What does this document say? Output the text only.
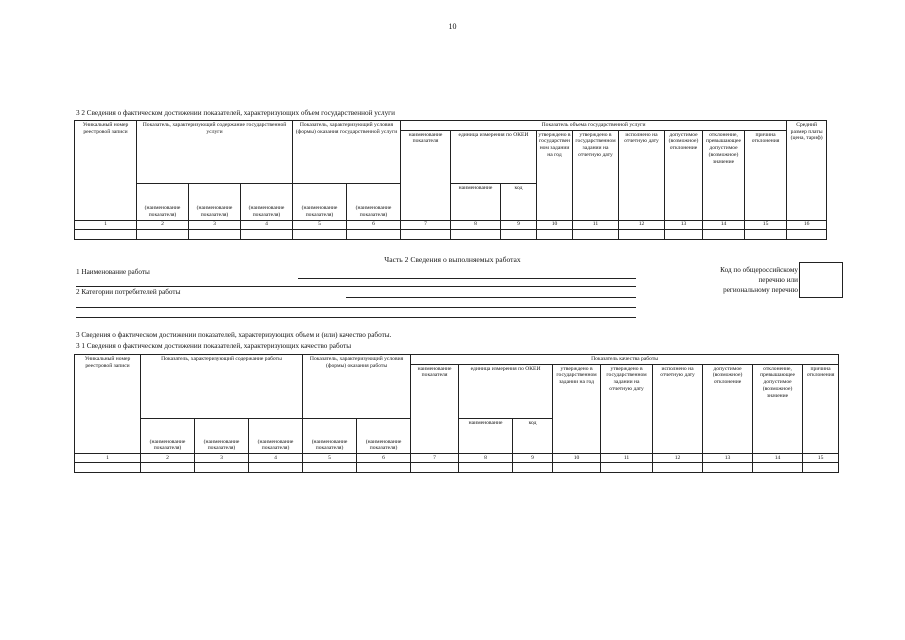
10
3 2 Сведения о фактическом достижении показателей, характеризующих объем государственной услуги
Уникальный номер реестровой записи	Показатель, характеризующий содержание государственной услуги			Показатель, характеризующий условия (формы) оказания государственной услуги		Показатель объема государственной услуги									Средний размер платы (цена, тариф)
						наименование показателя	единица измерения по ОКЕИ		утверждено в государственном задании на год	утверждено в государственном задании на отчетную дату	исполнено на отчетную дату	допустимое (возможное) отклонение	отклонение, превышающее допустимое (возможное) значение	причина отклонения	
	(наименование показателя)	(наименование показателя)	(наименование показателя)	(наименование показателя)	(наименование показателя)		наименование	код							
1	2	3	4	5	6	7	8	9	10	11	12	13	14	15	16

Часть 2 Сведения о выполняемых работах
1 Наименование работы
2 Категории потребителей работы
Код по общероссийскому
перечню или
региональному перечню
3 Сведения о фактическом достижении показателей, характеризующих объем и (или) качество работы.
3 1 Сведения о фактическом достижении показателей, характеризующих качество работы
Уникальный номер реестровой записи	Показатель, характеризующий содержание работы			Показатель, характеризующий условия (формы) оказания работы		Показатель качества работы								
						наименование показателя	единица измерения по ОКЕИ		утверждено в государственном задании на год	утверждено в государственном задании на отчетную дату	исполнено на отчетную дату	допустимое (возможное) отклонение	отклонение, превышающее допустимое (возможное) значение	причина отклонения
	(наименование показателя)	(наименование показателя)	(наименование показателя)	(наименование показателя)	(наименование показателя)		наименование	код						
1	2	3	4	5	6	7	8	9	10	11	12	13	14	15
